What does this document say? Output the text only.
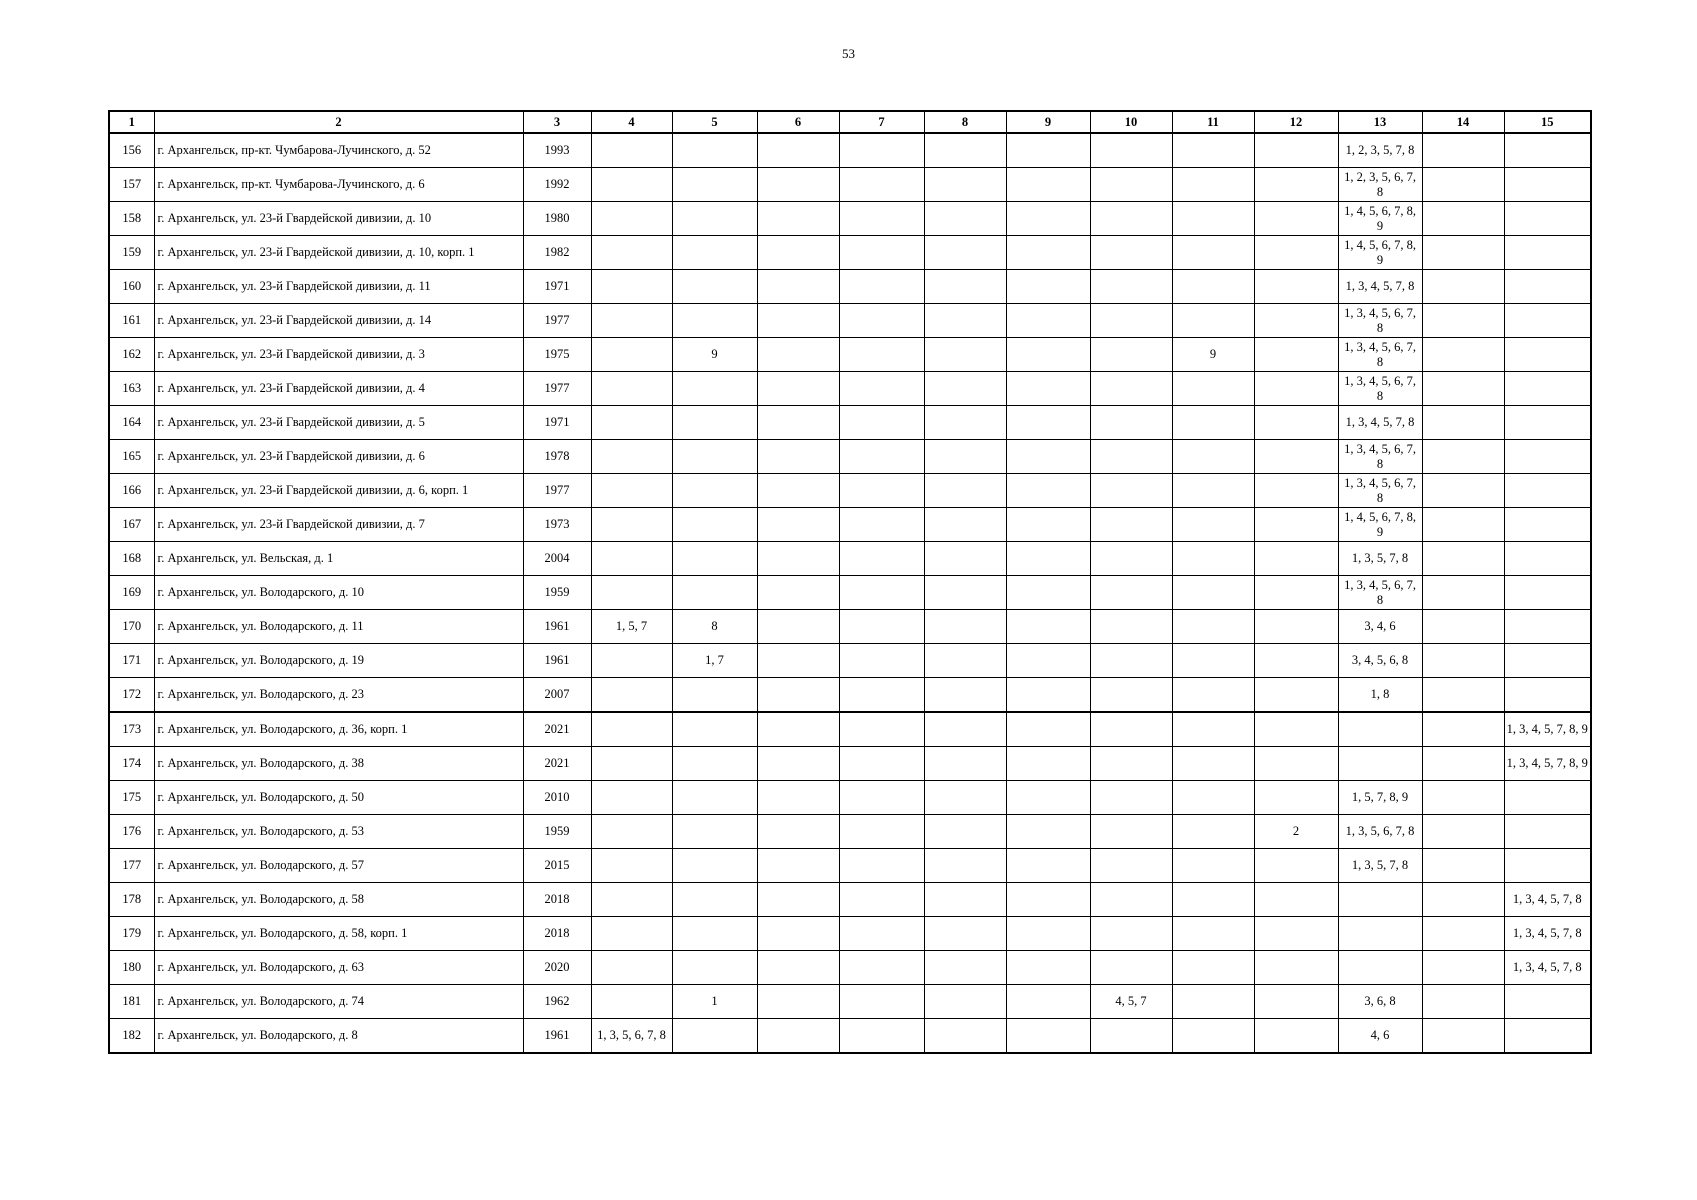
53
1	2	3	4	5	6	7	8	9	10	11	12	13	14	15
156	г. Архангельск, пр-кт. Чумбарова-Лучинского, д. 52	1993										1, 2, 3, 5, 7, 8		
157	г. Архангельск, пр-кт. Чумбарова-Лучинского, д. 6	1992										1, 2, 3, 5, 6, 7, 8		
158	г. Архангельск, ул. 23-й Гвардейской дивизии, д. 10	1980										1, 4, 5, 6, 7, 8, 9		
159	г. Архангельск, ул. 23-й Гвардейской дивизии, д. 10, корп. 1	1982										1, 4, 5, 6, 7, 8, 9		
160	г. Архангельск, ул. 23-й Гвардейской дивизии, д. 11	1971										1, 3, 4, 5, 7, 8		
161	г. Архангельск, ул. 23-й Гвардейской дивизии, д. 14	1977										1, 3, 4, 5, 6, 7, 8		
162	г. Архангельск, ул. 23-й Гвардейской дивизии, д. 3	1975		9						9		1, 3, 4, 5, 6, 7, 8		
163	г. Архангельск, ул. 23-й Гвардейской дивизии, д. 4	1977										1, 3, 4, 5, 6, 7, 8		
164	г. Архангельск, ул. 23-й Гвардейской дивизии, д. 5	1971										1, 3, 4, 5, 7, 8		
165	г. Архангельск, ул. 23-й Гвардейской дивизии, д. 6	1978										1, 3, 4, 5, 6, 7, 8		
166	г. Архангельск, ул. 23-й Гвардейской дивизии, д. 6, корп. 1	1977										1, 3, 4, 5, 6, 7, 8		
167	г. Архангельск, ул. 23-й Гвардейской дивизии, д. 7	1973										1, 4, 5, 6, 7, 8, 9		
168	г. Архангельск, ул. Вельская, д. 1	2004										1, 3, 5, 7, 8		
169	г. Архангельск, ул. Володарского, д. 10	1959										1, 3, 4, 5, 6, 7, 8		
170	г. Архангельск, ул. Володарского, д. 11	1961	1, 5, 7	8								3, 4, 6		
171	г. Архангельск, ул. Володарского, д. 19	1961		1, 7								3, 4, 5, 6, 8		
172	г. Архангельск, ул. Володарского, д. 23	2007										1, 8		
173	г. Архангельск, ул. Володарского, д. 36, корп. 1	2021												1, 3, 4, 5, 7, 8, 9
174	г. Архангельск, ул. Володарского, д. 38	2021												1, 3, 4, 5, 7, 8, 9
175	г. Архангельск, ул. Володарского, д. 50	2010										1, 5, 7, 8, 9		
176	г. Архангельск, ул. Володарского, д. 53	1959									2	1, 3, 5, 6, 7, 8		
177	г. Архангельск, ул. Володарского, д. 57	2015										1, 3, 5, 7, 8		
178	г. Архангельск, ул. Володарского, д. 58	2018												1, 3, 4, 5, 7, 8
179	г. Архангельск, ул. Володарского, д. 58, корп. 1	2018												1, 3, 4, 5, 7, 8
180	г. Архангельск, ул. Володарского, д. 63	2020												1, 3, 4, 5, 7, 8
181	г. Архангельск, ул. Володарского, д. 74	1962		1					4, 5, 7			3, 6, 8		
182	г. Архангельск, ул. Володарского, д. 8	1961	1, 3, 5, 6, 7, 8									4, 6		
